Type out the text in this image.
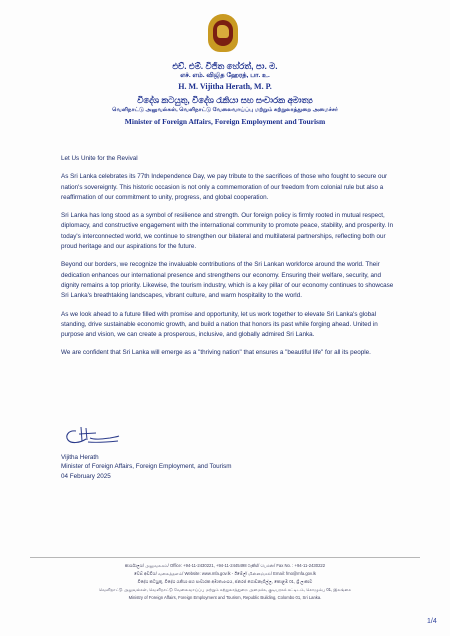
එච්. එම්. විජිත හේරත්, පා. ම.
எச். எம். விஜித ஹேரத், பா. உ.
H. M. Vijitha Herath, M. P.
විදේශ කටයුතු, විදේශ රැකියා සහ සංචාරක අමාත්‍ය
வெளிநாட்டு அலுவல்கள், வெளிநாட்டு வேலைவாய்ப்பு மற்றும் சுற்றுலாத்துறை அமைச்சர்
Minister of Foreign Affairs, Foreign Employment and Tourism

Let Us Unite for the Revival

As Sri Lanka celebrates its 77th Independence Day, we pay tribute to the sacrifices of those who fought to secure our nation's sovereignty. This historic occasion is not only a commemoration of our freedom from colonial rule but also a reaffirmation of our commitment to unity, progress, and global cooperation.

Sri Lanka has long stood as a symbol of resilience and strength. Our foreign policy is firmly rooted in mutual respect, diplomacy, and constructive engagement with the international community to promote peace, stability, and prosperity. In today's interconnected world, we continue to strengthen our bilateral and multilateral partnerships, reflecting both our proud heritage and our aspirations for the future.

Beyond our borders, we recognize the invaluable contributions of the Sri Lankan workforce around the world. Their dedication enhances our international presence and strengthens our economy. Ensuring their welfare, security, and dignity remains a top priority. Likewise, the tourism industry, which is a key pillar of our economy continues to showcase Sri Lanka's breathtaking landscapes, vibrant culture, and warm hospitality to the world.

As we look ahead to a future filled with promise and opportunity, let us work together to elevate Sri Lanka's global standing, drive sustainable economic growth, and build a nation that honors its past while forging ahead. United in purpose and vision, we can create a prosperous, inclusive, and globally admired Sri Lanka.

We are confident that Sri Lanka will emerge as a "thriving nation" that ensures a "beautiful life" for all its people.

Vijitha Herath
Minister of Foreign Affairs, Foreign Employment, and Tourism
04 February 2025
කාර්යාලය/ அலுவலகம்/ Office: +94-11-2430221, +94-11-2445498 ෆැක්ස්/ பெக்ஸ்/ Fax No. : +94-11-2430222
වෙබ් අඩවිය/ வலைத்தளம்/ Website: www.mfa.gov.lk - ඊමේල්/ மின்னஞ்சல்/ Email: fmo@mfa.gov.lk
විදේශ කටයුතු, විදේශ රැකියා සහ සංචාරක අමාත්‍යාංශය, ජනරජ ගොඩනැගිල්ල, කොළඹ 01, ශ්‍රී ලංකාව
வெளிநாட்டு அலுவல்கள், வெளிநாட்டு வேலைவாய்ப்பு மற்றும் சுற்றுலாத்துறை அமைச்சு, குடியரசுக் கட்டிடம், கொழும்பு 01, இலங்கை
Ministry of Foreign Affairs, Foreign Employment and Tourism, Republic Building, Colombo 01, Sri Lanka.
1/4
